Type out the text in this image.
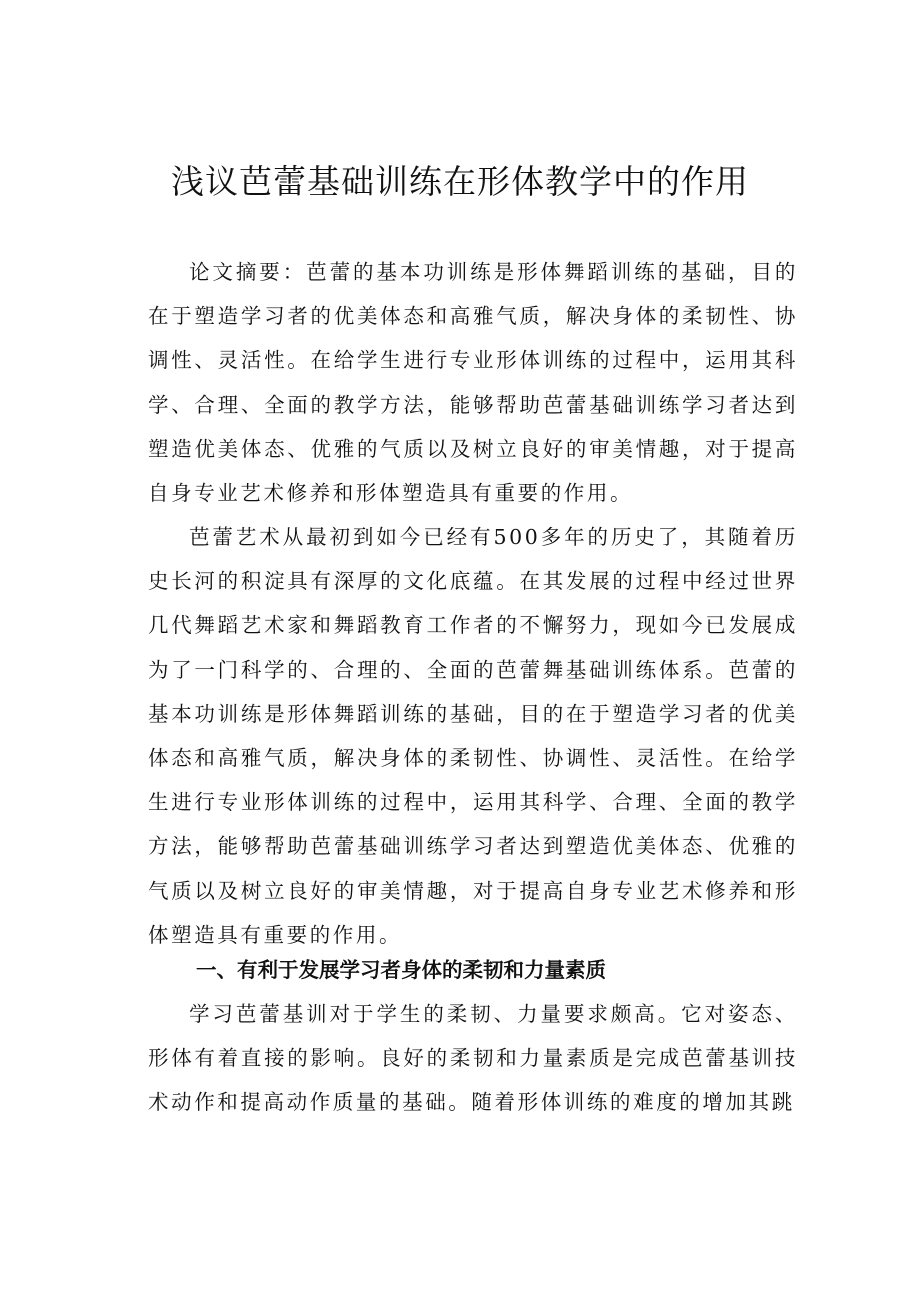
浅议芭蕾基础训练在形体教学中的作用

论文摘要：芭蕾的基本功训练是形体舞蹈训练的基础，目的在于塑造学习者的优美体态和高雅气质，解决身体的柔韧性、协调性、灵活性。在给学生进行专业形体训练的过程中，运用其科学、合理、全面的教学方法，能够帮助芭蕾基础训练学习者达到塑造优美体态、优雅的气质以及树立良好的审美情趣，对于提高自身专业艺术修养和形体塑造具有重要的作用。

芭蕾艺术从最初到如今已经有500多年的历史了，其随着历史长河的积淀具有深厚的文化底蕴。在其发展的过程中经过世界几代舞蹈艺术家和舞蹈教育工作者的不懈努力，现如今已发展成为了一门科学的、合理的、全面的芭蕾舞基础训练体系。芭蕾的基本功训练是形体舞蹈训练的基础，目的在于塑造学习者的优美体态和高雅气质，解决身体的柔韧性、协调性、灵活性。在给学生进行专业形体训练的过程中，运用其科学、合理、全面的教学方法，能够帮助芭蕾基础训练学习者达到塑造优美体态、优雅的气质以及树立良好的审美情趣，对于提高自身专业艺术修养和形体塑造具有重要的作用。

一、有利于发展学习者身体的柔韧和力量素质

学习芭蕾基训对于学生的柔韧、力量要求颇高。它对姿态、形体有着直接的影响。良好的柔韧和力量素质是完成芭蕾基训技术动作和提高动作质量的基础。随着形体训练的难度的增加其跳
